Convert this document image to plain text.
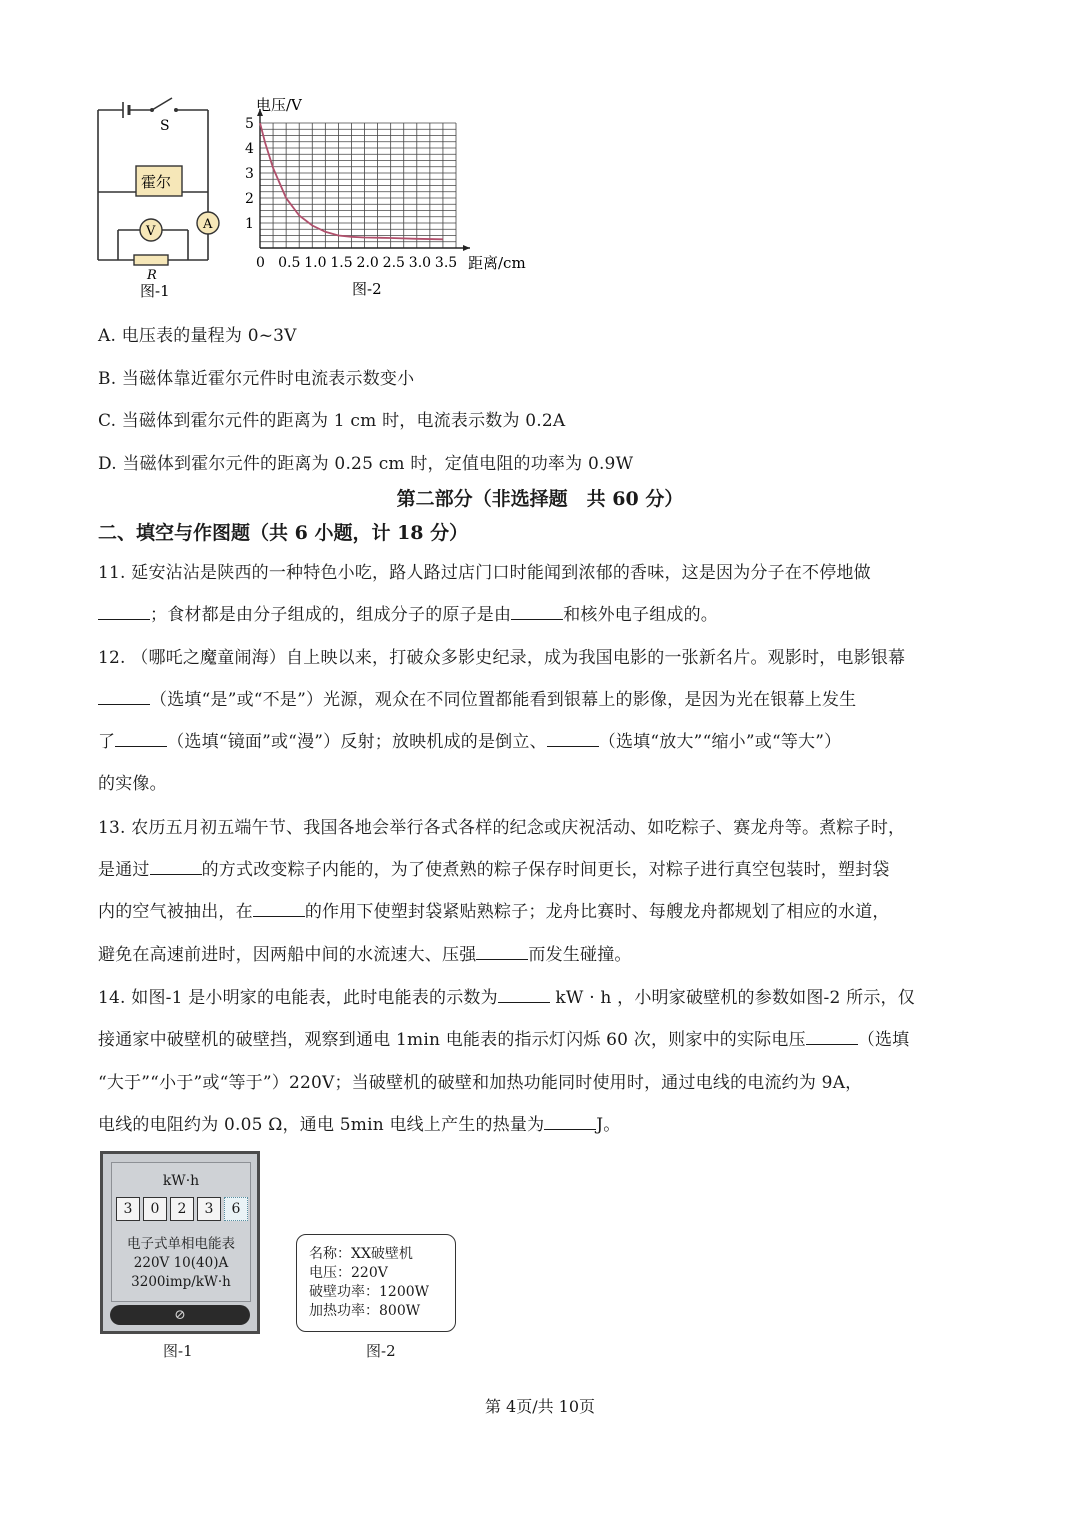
S
霍尔
A
V
R
图-1
0 0.5 1.0 1.5 2.0 2.5 3.0 3.5
1
2
3
4
5
电压/V
距离/cm
图-2
A. 电压表的量程为 0~3V
B. 当磁体靠近霍尔元件时电流表示数变小
C. 当磁体到霍尔元件的距离为 1 cm 时，电流表示数为 0.2A
D. 当磁体到霍尔元件的距离为 0.25 cm 时，定值电阻的功率为 0.9W
第二部分（非选择题　共 60 分）
二、填空与作图题（共 6 小题，计 18 分）
11. 延安沾沾是陕西的一种特色小吃，路人路过店门口时能闻到浓郁的香味，这是因为分子在不停地做
；食材都是由分子组成的，组成分子的原子是由	和核外电子组成的。
12. （哪吒之魔童闹海）自上映以来，打破众多影史纪录，成为我国电影的一张新名片。观影时，电影银幕
（选填“是”或“不是”）光源，观众在不同位置都能看到银幕上的影像，是因为光在银幕上发生
了	（选填“镜面”或“漫”）反射；放映机成的是倒立、	（选填“放大”“缩小”或“等大”）
的实像。
13. 农历五月初五端午节、我国各地会举行各式各样的纪念或庆祝活动、如吃粽子、赛龙舟等。煮粽子时，
是通过	的方式改变粽子内能的，为了使煮熟的粽子保存时间更长，对粽子进行真空包装时，塑封袋
内的空气被抽出，在	的作用下使塑封袋紧贴熟粽子；龙舟比赛时、每艘龙舟都规划了相应的水道，
避免在高速前进时，因两船中间的水流速大、压强	而发生碰撞。
14. 如图-1 是小明家的电能表，此时电能表的示数为	kW · h ，小明家破壁机的参数如图-2 所示，仅
接通家中破壁机的破壁挡，观察到通电 1min 电能表的指示灯闪烁 60 次，则家中的实际电压	（选填
“大于”“小于”或“等于”）220V；当破壁机的破壁和加热功能同时使用时，通过电线的电流约为 9A，
电线的电阻约为 0.05 Ω，通电 5min 电线上产生的热量为	J。
kW·h
3	0	2	3	6
电子式单相电能表
220V 10(40)A
3200imp/kW·h
⊘
图-1
名称：XX破壁机
电压：220V
破壁功率：1200W
加热功率：800W
图-2
第 4页/共 10页
